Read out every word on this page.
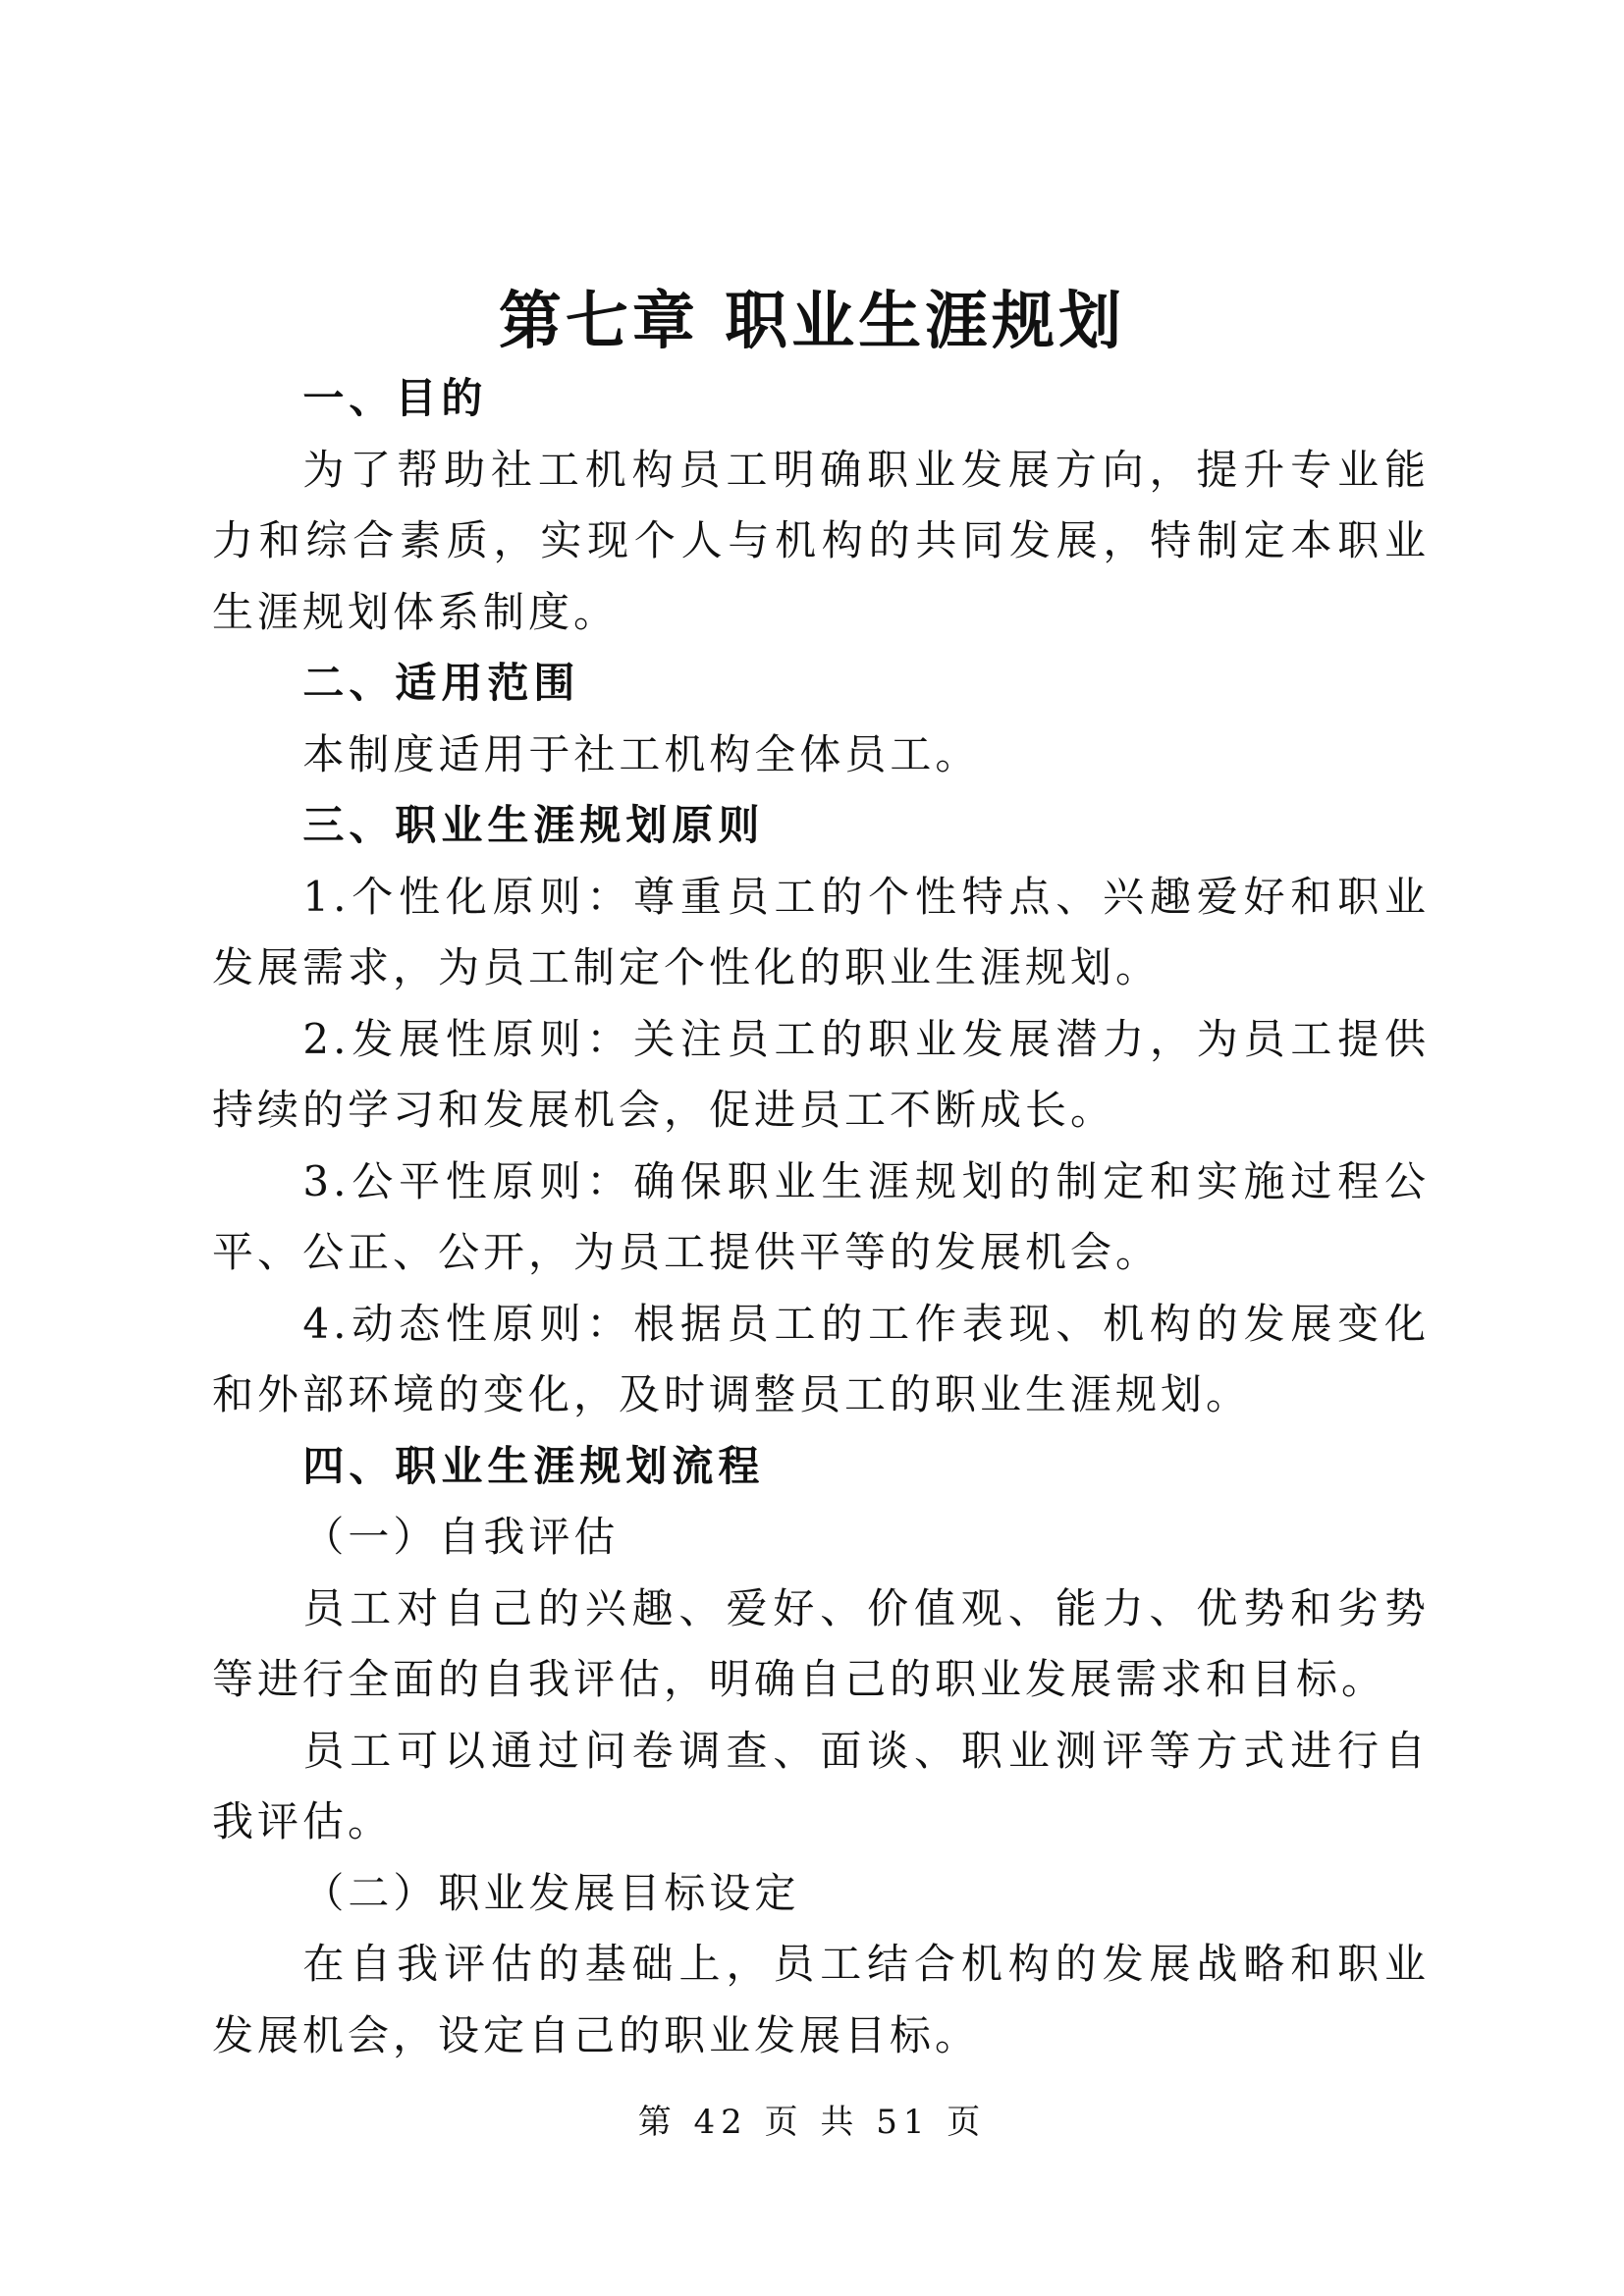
第七章 职业生涯规划

一、目的

为了帮助社工机构员工明确职业发展方向，提升专业能力和综合素质，实现个人与机构的共同发展，特制定本职业生涯规划体系制度。

二、适用范围

本制度适用于社工机构全体员工。

三、职业生涯规划原则

1.个性化原则：尊重员工的个性特点、兴趣爱好和职业发展需求，为员工制定个性化的职业生涯规划。

2.发展性原则：关注员工的职业发展潜力，为员工提供持续的学习和发展机会，促进员工不断成长。

3.公平性原则：确保职业生涯规划的制定和实施过程公平、公正、公开，为员工提供平等的发展机会。

4.动态性原则：根据员工的工作表现、机构的发展变化和外部环境的变化，及时调整员工的职业生涯规划。

四、职业生涯规划流程

（一）自我评估

员工对自己的兴趣、爱好、价值观、能力、优势和劣势等进行全面的自我评估，明确自己的职业发展需求和目标。

员工可以通过问卷调查、面谈、职业测评等方式进行自我评估。

（二）职业发展目标设定

在自我评估的基础上，员工结合机构的发展战略和职业发展机会，设定自己的职业发展目标。

第 42 页 共 51 页
